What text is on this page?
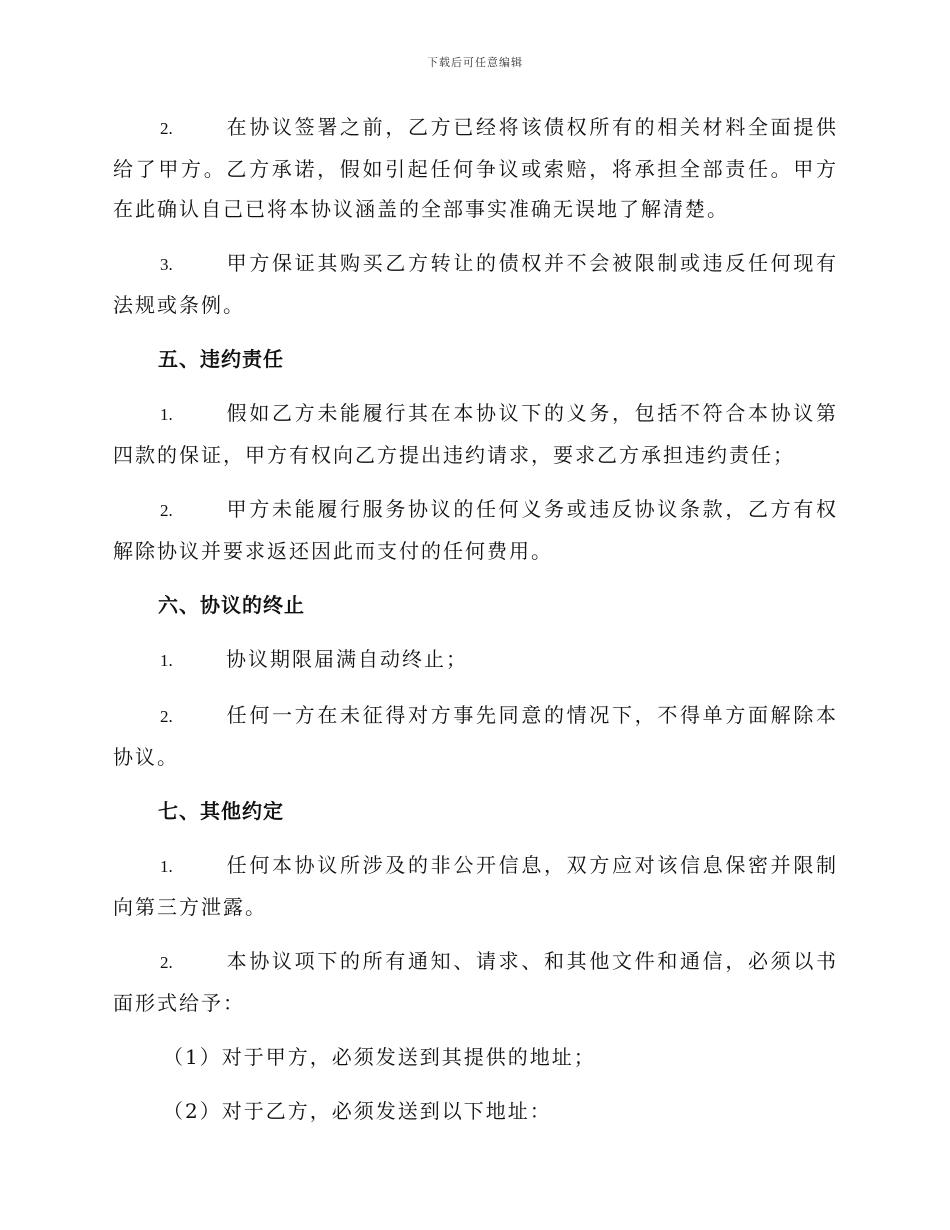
下载后可任意编辑

2.	在协议签署之前，乙方已经将该债权所有的相关材料全面提供给了甲方。乙方承诺，假如引起任何争议或索赔，将承担全部责任。甲方在此确认自己已将本协议涵盖的全部事实准确无误地了解清楚。

3.	甲方保证其购买乙方转让的债权并不会被限制或违反任何现有法规或条例。

五、违约责任

1.	假如乙方未能履行其在本协议下的义务，包括不符合本协议第四款的保证，甲方有权向乙方提出违约请求，要求乙方承担违约责任；

2.	甲方未能履行服务协议的任何义务或违反协议条款，乙方有权解除协议并要求返还因此而支付的任何费用。

六、协议的终止

1.	协议期限届满自动终止；

2.	任何一方在未征得对方事先同意的情况下，不得单方面解除本协议。

七、其他约定

1.	任何本协议所涉及的非公开信息，双方应对该信息保密并限制向第三方泄露。

2.	本协议项下的所有通知、请求、和其他文件和通信，必须以书面形式给予：

（1）对于甲方，必须发送到其提供的地址；
（2）对于乙方，必须发送到以下地址：
